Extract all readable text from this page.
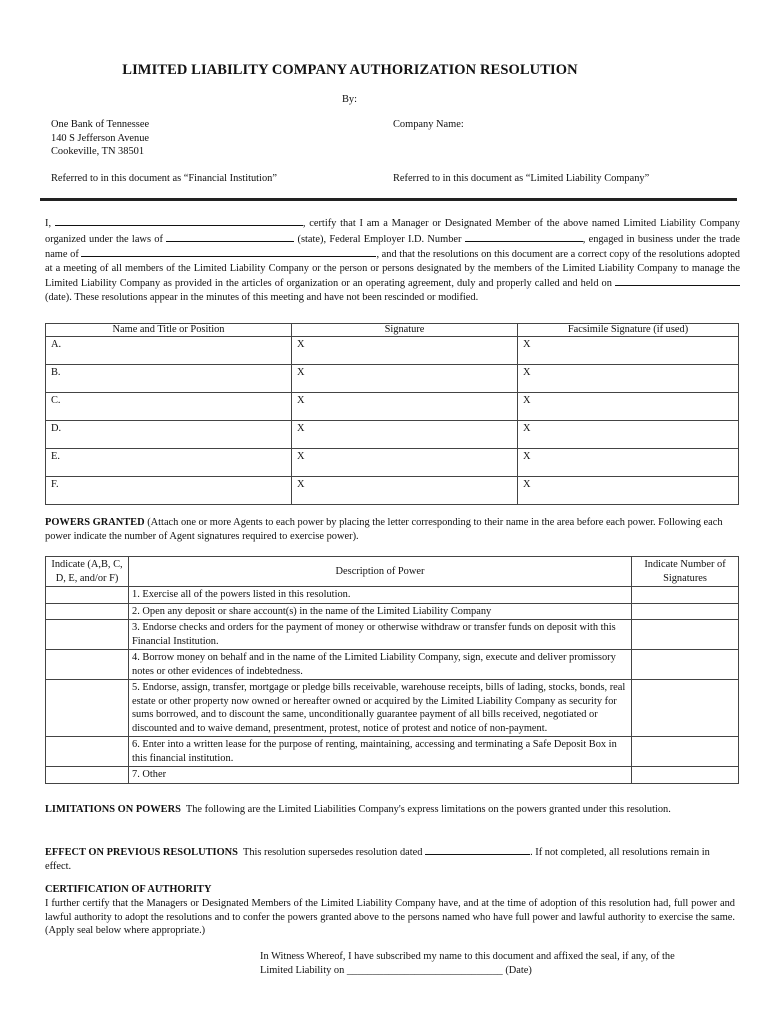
LIMITED LIABILITY COMPANY AUTHORIZATION RESOLUTION
By:
One Bank of Tennessee
140 S Jefferson Avenue
Cookeville, TN 38501
Company Name:
Referred to in this document as “Financial Institution”	Referred to in this document as “Limited Liability Company”
I,	, certify that I am a Manager or Designated Member of the above named Limited Liability Company organized under the laws of	(state), Federal Employer I.D. Number	, engaged in business under the trade name of	, and that the resolutions on this document are a correct copy of the resolutions adopted at a meeting of all members of the Limited Liability Company or the person or persons designated by the members of the Limited Liability Company to manage the Limited Liability Company as provided in the articles of organization or an operating agreement, duly and properly called and held on  (date). These resolutions appear in the minutes of this meeting and have not been rescinded or modified.
Name and Title or Position	Signature	Facsimile Signature (if used)
A.	X	X
B.	X	X
C.	X	X
D.	X	X
E.	X	X
F.	X	X
POWERS GRANTED (Attach one or more Agents to each power by placing the letter corresponding to their name in the area before each power. Following each power indicate the number of Agent signatures required to exercise power).
Indicate (A,B, C, D, E, and/or F)	Description of Power	Indicate Number of Signatures
	1. Exercise all of the powers listed in this resolution.	
	2. Open any deposit or share account(s) in the name of the Limited Liability Company	
	3. Endorse checks and orders for the payment of money or otherwise withdraw or transfer funds on deposit with this Financial Institution.	
	4. Borrow money on behalf and in the name of the Limited Liability Company, sign, execute and deliver promissory notes or other evidences of indebtedness.	
	5. Endorse, assign, transfer, mortgage or pledge bills receivable, warehouse receipts, bills of lading, stocks, bonds, real estate or other property now owned or hereafter owned or acquired by the Limited Liability Company as security for sums borrowed, and to discount the same, unconditionally guarantee payment of all bills received, negotiated or discounted and to waive demand, presentment, protest, notice of protest and notice of non-payment.	
	6. Enter into a written lease for the purpose of renting, maintaining, accessing and terminating a Safe Deposit Box in this financial institution.	
	7. Other	
LIMITATIONS ON POWERS The following are the Limited Liabilities Company's express limitations on the powers granted under this resolution.
EFFECT ON PREVIOUS RESOLUTIONS This resolution supersedes resolution dated	. If not completed, all resolutions remain in effect.
CERTIFICATION OF AUTHORITY
I further certify that the Managers or Designated Members of the Limited Liability Company have, and at the time of adoption of this resolution had, full power and lawful authority to adopt the resolutions and to confer the powers granted above to the persons named who have full power and lawful authority to exercise the same. (Apply seal below where appropriate.)
In Witness Whereof, I have subscribed my name to this document and affixed the seal, if any, of the
Limited Liability on ______________________________ (Date)
